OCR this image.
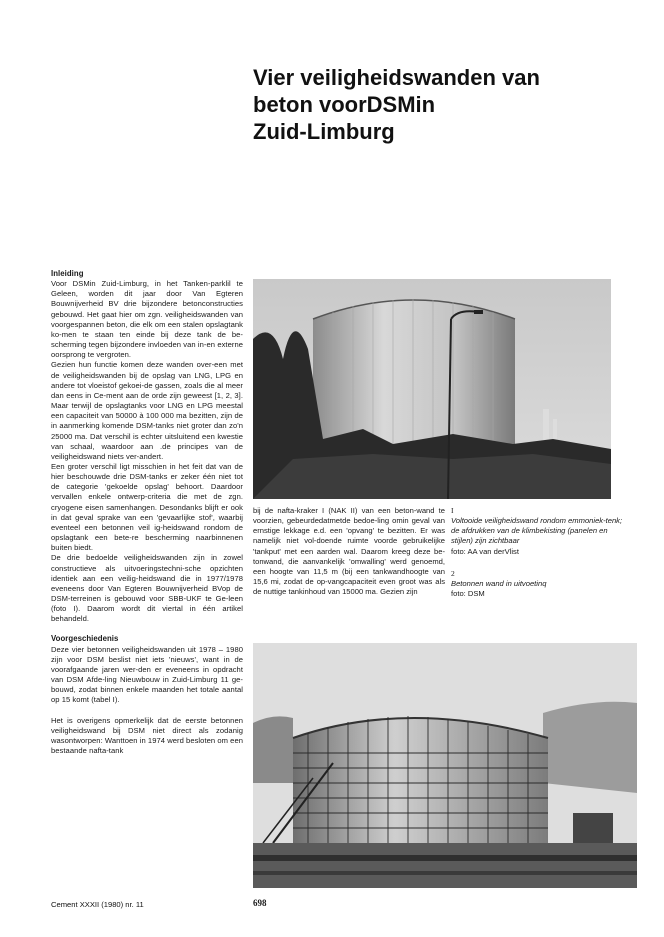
Vier veiligheidswanden van
beton voorDSMin
Zuid-Limburg
Inleiding

Voor DSMin Zuid-Limburg, in het Tanken-parklil te Geleen, worden dit jaar door Van Egteren Bouwnijverheid BV drie bijzondere betonconstructies gebouwd. Het gaat hier om zgn. veiligheidswanden van voorgespannen beton, die elk om een stalen opslagtank ko-men te staan ten einde bij deze tank de be-scherming tegen bijzondere invloeden van in-en externe oorsprong te vergroten.

Gezien hun functie komen deze wanden over-een met de veiligheidswanden bij de opslag van LNG, LPG en andere tot vloeistof gekoei-de gassen, zoals die al meer dan eens in Ce-ment aan de orde zijn geweest [1, 2, 3]. Maar terwijl de opslagtanks voor LNG en LPG meestal een capaciteit van 50000 à 100 000 ma bezitten, zijn de in aanmerking komende DSM-tanks niet groter dan zo'n 25000 ma. Dat verschil is echter uitsluitend een kwestie van schaal, waardoor aan .de principes van de veiligheidswand niets ver-andert.

Een groter verschil ligt misschien in het feit dat van de hier beschouwde drie DSM-tanks er zeker één niet tot de categorie 'gekoelde opslag' behoort. Daardoor vervallen enkele ontwerp-criteria die met de zgn. cryogene eisen samenhangen. Desondanks blijft er ook in dat geval sprake van een 'gevaarlijke stof', waarbij eventeel een betonnen veil ig-heidswand rondom de opslagtank een bete-re bescherming naarbinnenen buiten biedt.

De drie bedoelde veiligheidswanden zijn in zowel constructieve als uitvoeringstechni-sche opzichten identiek aan een veilig-heidswand die in 1977/1978 eveneens door Van Egteren Bouwnijverheid BVop de DSM-terreinen is gebouwd voor SBB-UKF te Ge-leen (foto I). Daarom wordt dit viertal in één artikel behandeld.

Voorgeschiedenis

Deze vier betonnen veiligheidswanden uit 1978 – 1980 zijn voor DSM beslist niet iets 'nieuws', want in de voorafgaande jaren wer-den er eveneens in opdracht van DSM Afde-ling Nieuwbouw in Zuid-Limburg 11 ge-bouwd, zodat binnen enkele maanden het totale aantal op 15 komt (tabel I).

Het is overigens opmerkelijk dat de eerste betonnen veiligheidswand bij DSM niet direct als zodanig wasontworpen: Wanttoen in 1974 werd besloten om een bestaande nafta-tank

bij de nafta-kraker I (NAK II) van een beton-wand te voorzien, gebeurdedatmetde bedoe-ling omin geval van ernstige lekkage e.d. een 'opvang' te bezitten. Er was namelijk niet vol-doende ruimte voorde gebruikelijke 'tankput' met een aarden wal. Daarom kreeg deze be-tonwand, die aanvankelijk 'omwalling' werd genoemd, een hoogte van 11,5 m (bij een tankwandhoogte van 15,6 mi, zodat de op-vangcapaciteit even groot was als de nuttige tankinhoud van 15000 ma. Gezien zijn

I
Voltooide veiligheidswand rondom emmoniek-tenk; de afdrukken van de klimbekisting (panelen en stijlen) zijn zichtbaar
foto: AA van derVlist
2
Betonnen wand in uitvoetinq
foto: DSM
Cement XXXII (1980) nr. 11	698
